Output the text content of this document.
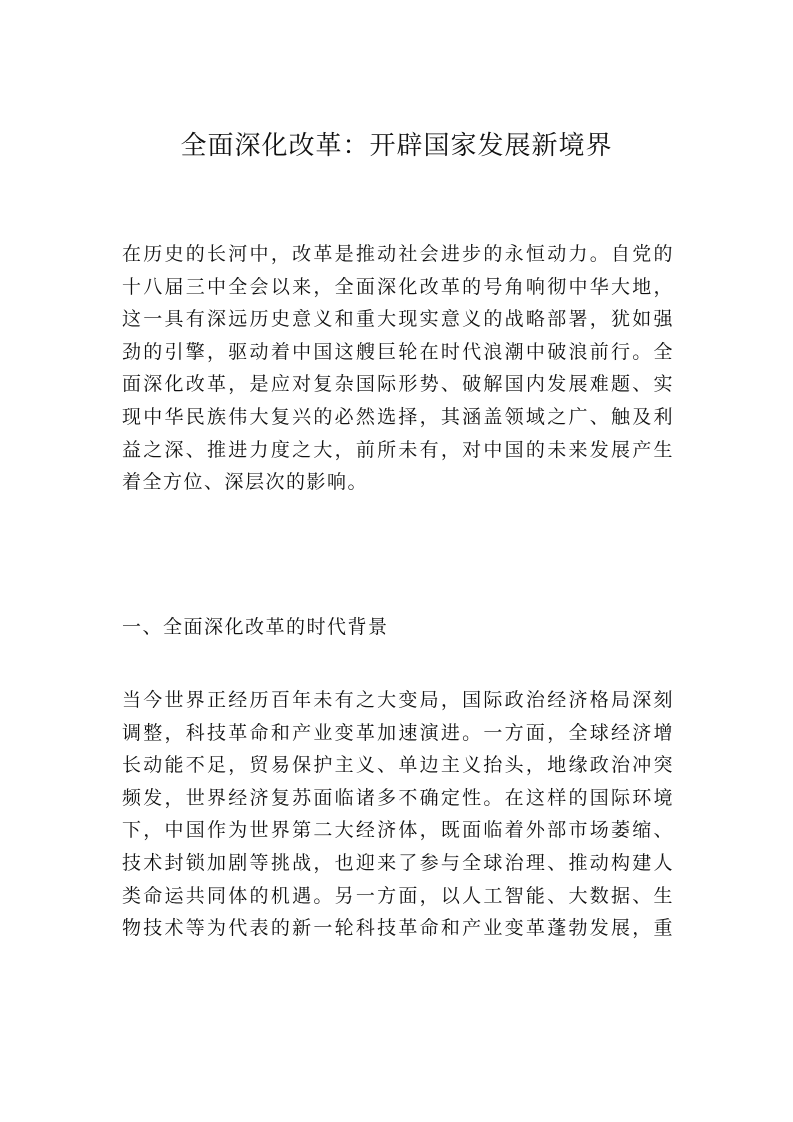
全面深化改革：开辟国家发展新境界
在历史的长河中，改革是推动社会进步的永恒动力。自党的
十八届三中全会以来，全面深化改革的号角响彻中华大地，
这一具有深远历史意义和重大现实意义的战略部署，犹如强
劲的引擎，驱动着中国这艘巨轮在时代浪潮中破浪前行。全
面深化改革，是应对复杂国际形势、破解国内发展难题、实
现中华民族伟大复兴的必然选择，其涵盖领域之广、触及利
益之深、推进力度之大，前所未有，对中国的未来发展产生
着全方位、深层次的影响。
一、全面深化改革的时代背景
当今世界正经历百年未有之大变局，国际政治经济格局深刻
调整，科技革命和产业变革加速演进。一方面，全球经济增
长动能不足，贸易保护主义、单边主义抬头，地缘政治冲突
频发，世界经济复苏面临诸多不确定性。在这样的国际环境
下，中国作为世界第二大经济体，既面临着外部市场萎缩、
技术封锁加剧等挑战，也迎来了参与全球治理、推动构建人
类命运共同体的机遇。另一方面，以人工智能、大数据、生
物技术等为代表的新一轮科技革命和产业变革蓬勃发展，重
